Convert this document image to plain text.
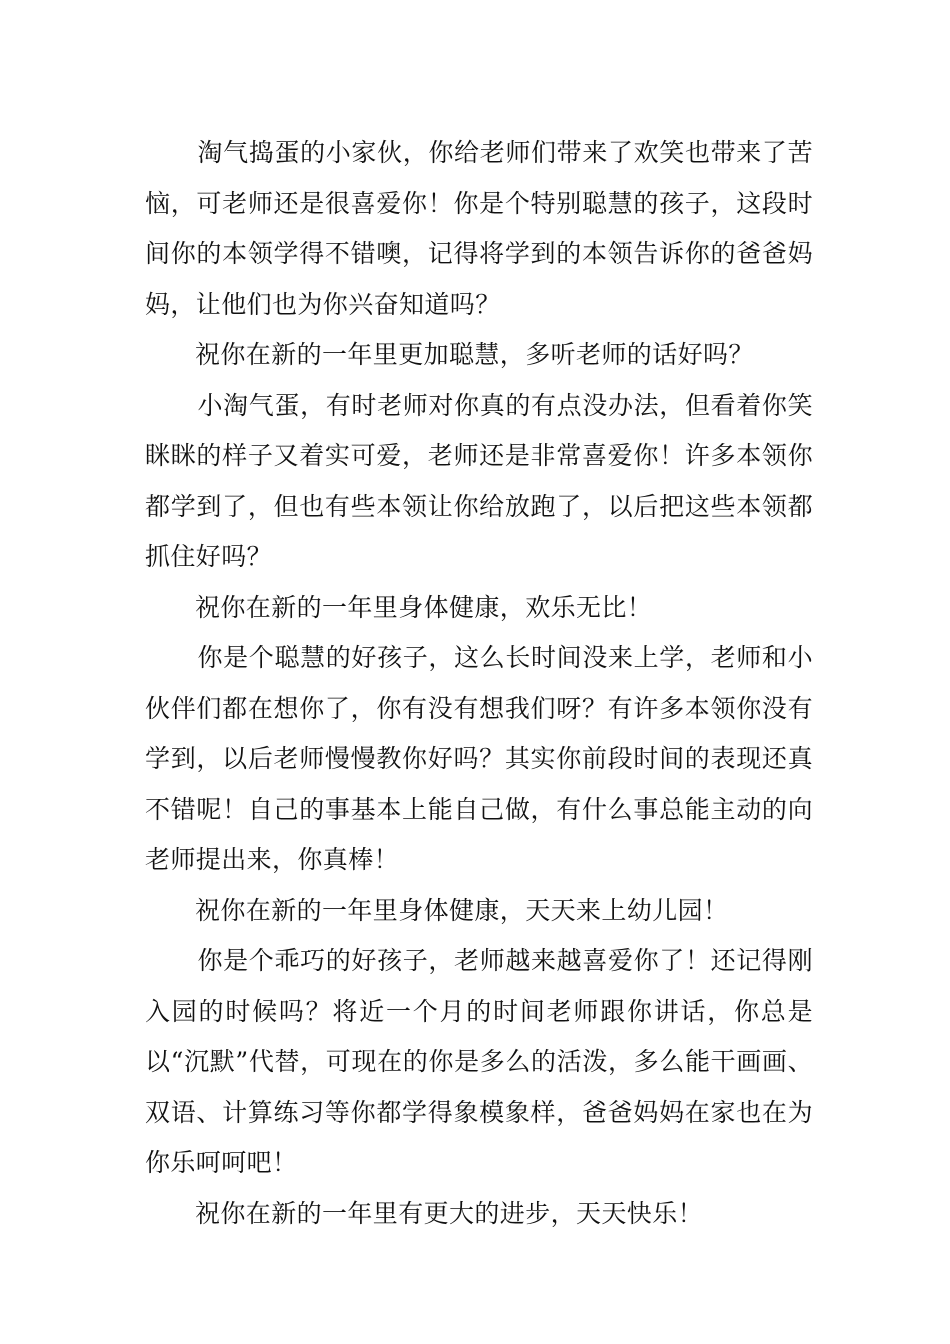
淘气捣蛋的小家伙，你给老师们带来了欢笑也带来了苦恼，可老师还是很喜爱你！你是个特别聪慧的孩子，这段时间你的本领学得不错噢，记得将学到的本领告诉你的爸爸妈妈，让他们也为你兴奋知道吗？

祝你在新的一年里更加聪慧，多听老师的话好吗？

小淘气蛋，有时老师对你真的有点没办法，但看着你笑眯眯的样子又着实可爱，老师还是非常喜爱你！许多本领你都学到了，但也有些本领让你给放跑了，以后把这些本领都抓住好吗？

祝你在新的一年里身体健康，欢乐无比！

你是个聪慧的好孩子，这么长时间没来上学，老师和小伙伴们都在想你了，你有没有想我们呀？有许多本领你没有学到，以后老师慢慢教你好吗？其实你前段时间的表现还真不错呢！自己的事基本上能自己做，有什么事总能主动的向老师提出来，你真棒！

祝你在新的一年里身体健康，天天来上幼儿园！

你是个乖巧的好孩子，老师越来越喜爱你了！还记得刚入园的时候吗？将近一个月的时间老师跟你讲话，你总是以“沉默”代替，可现在的你是多么的活泼，多么能干画画、双语、计算练习等你都学得象模象样，爸爸妈妈在家也在为你乐呵呵吧！

祝你在新的一年里有更大的进步，天天快乐！
